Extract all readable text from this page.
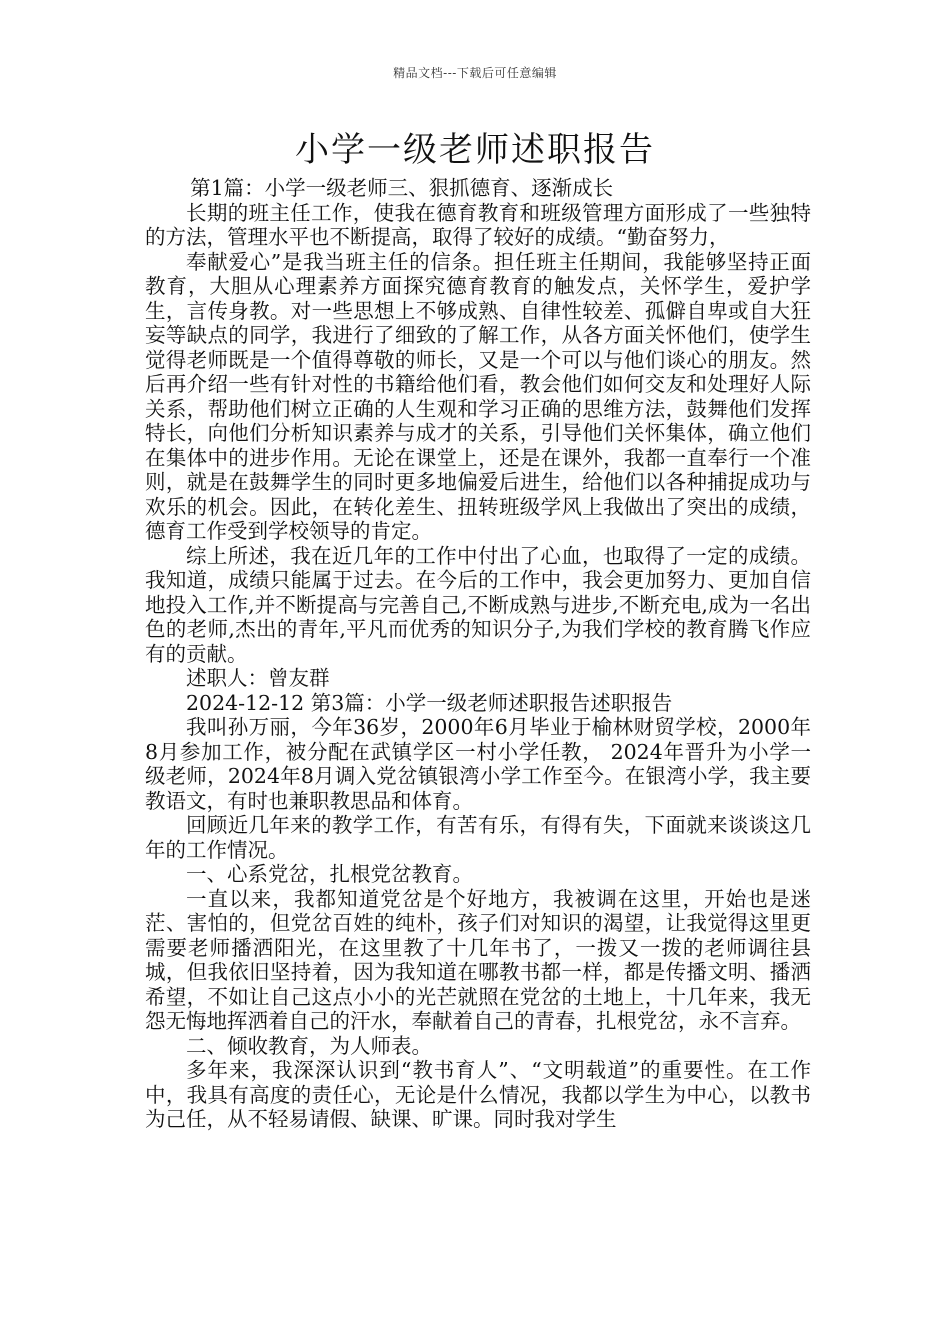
精品文档---下载后可任意编辑
小学一级老师述职报告

第1篇：小学一级老师三、狠抓德育、逐渐成长

长期的班主任工作，使我在德育教育和班级管理方面形成了一些独特的方法，管理水平也不断提高，取得了较好的成绩。“勤奋努力，

奉献爱心”是我当班主任的信条。担任班主任期间，我能够坚持正面教育，大胆从心理素养方面探究德育教育的触发点，关怀学生，爱护学生，言传身教。对一些思想上不够成熟、自律性较差、孤僻自卑或自大狂妄等缺点的同学，我进行了细致的了解工作，从各方面关怀他们，使学生觉得老师既是一个值得尊敬的师长，又是一个可以与他们谈心的朋友。然后再介绍一些有针对性的书籍给他们看，教会他们如何交友和处理好人际关系，帮助他们树立正确的人生观和学习正确的思维方法，鼓舞他们发挥特长，向他们分析知识素养与成才的关系，引导他们关怀集体，确立他们在集体中的进步作用。无论在课堂上，还是在课外，我都一直奉行一个准则，就是在鼓舞学生的同时更多地偏爱后进生，给他们以各种捕捉成功与欢乐的机会。因此，在转化差生、扭转班级学风上我做出了突出的成绩，德育工作受到学校领导的肯定。

综上所述，我在近几年的工作中付出了心血，也取得了一定的成绩。我知道，成绩只能属于过去。在今后的工作中，我会更加努力、更加自信地投入工作,并不断提高与完善自己,不断成熟与进步,不断充电,成为一名出色的老师,杰出的青年,平凡而优秀的知识分子,为我们学校的教育腾飞作应有的贡献。

述职人：曾友群

2024-12-12 第3篇：小学一级老师述职报告述职报告

我叫孙万丽，今年36岁，2000年6月毕业于榆林财贸学校，2000年8月参加工作，被分配在武镇学区一村小学任教， 2024年晋升为小学一级老师，2024年8月调入党岔镇银湾小学工作至今。在银湾小学，我主要教语文，有时也兼职教思品和体育。

回顾近几年来的教学工作，有苦有乐，有得有失，下面就来谈谈这几年的工作情况。

一、心系党岔，扎根党岔教育。

一直以来，我都知道党岔是个好地方，我被调在这里，开始也是迷茫、害怕的，但党岔百姓的纯朴，孩子们对知识的渴望，让我觉得这里更需要老师播洒阳光，在这里教了十几年书了，一拨又一拨的老师调往县城，但我依旧坚持着，因为我知道在哪教书都一样，都是传播文明、播洒希望，不如让自己这点小小的光芒就照在党岔的土地上，十几年来，我无怨无悔地挥洒着自己的汗水，奉献着自己的青春，扎根党岔，永不言弃。

二、倾收教育，为人师表。

多年来，我深深认识到“教书育人”、“文明载道”的重要性。在工作中，我具有高度的责任心，无论是什么情况，我都以学生为中心，以教书为己任，从不轻易请假、缺课、旷课。同时我对学生
